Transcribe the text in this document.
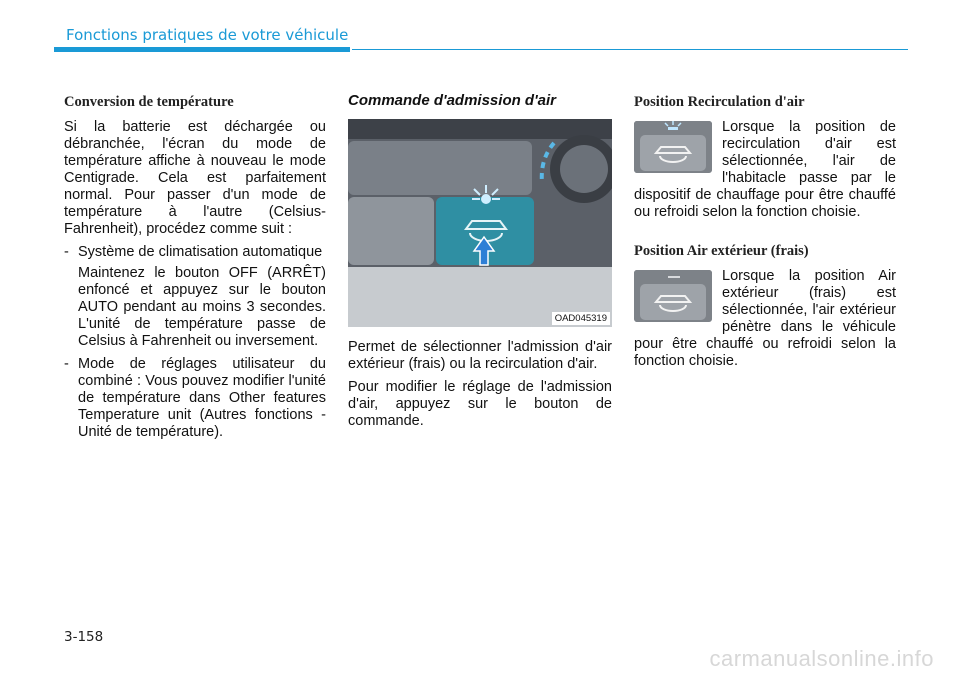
Fonctions pratiques de votre véhicule
Conversion de température

Si la batterie est déchargée ou débranchée, l'écran du mode de température affiche à nouveau le mode Centigrade. Cela est parfaitement normal. Pour passer d'un mode de température à l'autre (Celsius-Fahrenheit), procédez comme suit :

- Système de climatisation automatique

Maintenez le bouton OFF (ARRÊT) enfoncé et appuyez sur le bouton AUTO pendant au moins 3 secondes. L'unité de température passe de Celsius à Fahrenheit ou inversement.

- Mode de réglages utilisateur du combiné : Vous pouvez modifier l'unité de température dans Other features Temperature unit (Autres fonctions - Unité de température).
Commande d'admission d'air
OAD045319

Permet de sélectionner l'admission d'air extérieur (frais) ou la recirculation d'air.

Pour modifier le réglage de l'admission d'air, appuyez sur le bouton de commande.

Position Recirculation d'air
Lorsque la position de recirculation d'air est sélectionnée, l'air de l'habitacle passe par le dispositif de chauffage pour être chauffé ou refroidi selon la fonction choisie.
Position Air extérieur (frais)
Lorsque la position Air extérieur (frais) est sélectionnée, l'air extérieur pénètre dans le véhicule pour être chauffé ou refroidi selon la fonction choisie.
3-158
carmanualsonline.info
